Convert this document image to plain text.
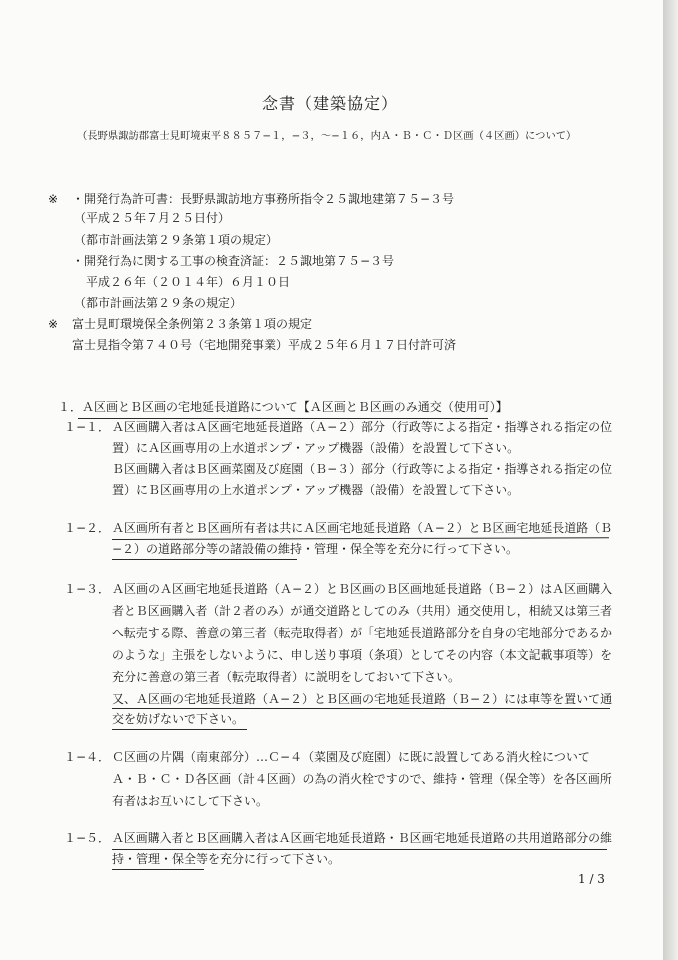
念書（建築協定）
（長野県諏訪郡富士見町境東平８８５７−１，−３，〜−１６，内Ａ・Ｂ・Ｃ・Ｄ区画（４区画）について）
※ ・開発行為許可書：長野県諏訪地方事務所指令２５諏地建第７５−３号
（平成２５年７月２５日付）
（都市計画法第２９条第１項の規定）
・開発行為に関する工事の検査済証：２５諏地第７５−３号
平成２６年（２０１４年）６月１０日
（都市計画法第２９条の規定）
※ 富士見町環境保全条例第２３条第１項の規定
富士見指令第７４０号（宅地開発事業）平成２５年６月１７日付許可済
１．Ａ区画とＢ区画の宅地延長道路について【Ａ区画とＢ区画のみ通交（使用可）】
１−１． Ａ区画購入者はＡ区画宅地延長道路（Ａ−２）部分（行政等による指定・指導される指定の位
置）にＡ区画専用の上水道ポンプ・アップ機器（設備）を設置して下さい。
Ｂ区画購入者はＢ区画菜園及び庭園（Ｂ−３）部分（行政等による指定・指導される指定の位
置）にＢ区画専用の上水道ポンプ・アップ機器（設備）を設置して下さい。
１−２． Ａ区画所有者とＢ区画所有者は共にＡ区画宅地延長道路（Ａ−２）とＢ区画宅地延長道路（Ｂ
−２）の道路部分等の諸設備の維持・管理・保全等を充分に行って下さい。
１−３． Ａ区画のＡ区画宅地延長道路（Ａ−２）とＢ区画のＢ区画地延長道路（Ｂ−２）はＡ区画購入
者とＢ区画購入者（計２者のみ）が通交道路としてのみ（共用）通交使用し，相続又は第三者
へ転売する際、善意の第三者（転売取得者）が「宅地延長道路部分を自身の宅地部分であるか
のような」主張をしないように、申し送り事項（条項）としてその内容（本文記載事項等）を
充分に善意の第三者（転売取得者）に説明をしておいて下さい。
又、Ａ区画の宅地延長道路（Ａ−２）とＢ区画の宅地延長道路（Ｂ−２）には車等を置いて通
交を妨げないで下さい。
１−４． Ｃ区画の片隅（南東部分）…Ｃ−４（菜園及び庭園）に既に設置してある消火栓について
Ａ・Ｂ・Ｃ・Ｄ各区画（計４区画）の為の消火栓ですので、維持・管理（保全等）を各区画所
有者はお互いにして下さい。
１−５． Ａ区画購入者とＢ区画購入者はＡ区画宅地延長道路・Ｂ区画宅地延長道路の共用道路部分の維
持・管理・保全等を充分に行って下さい。
1 / 3
